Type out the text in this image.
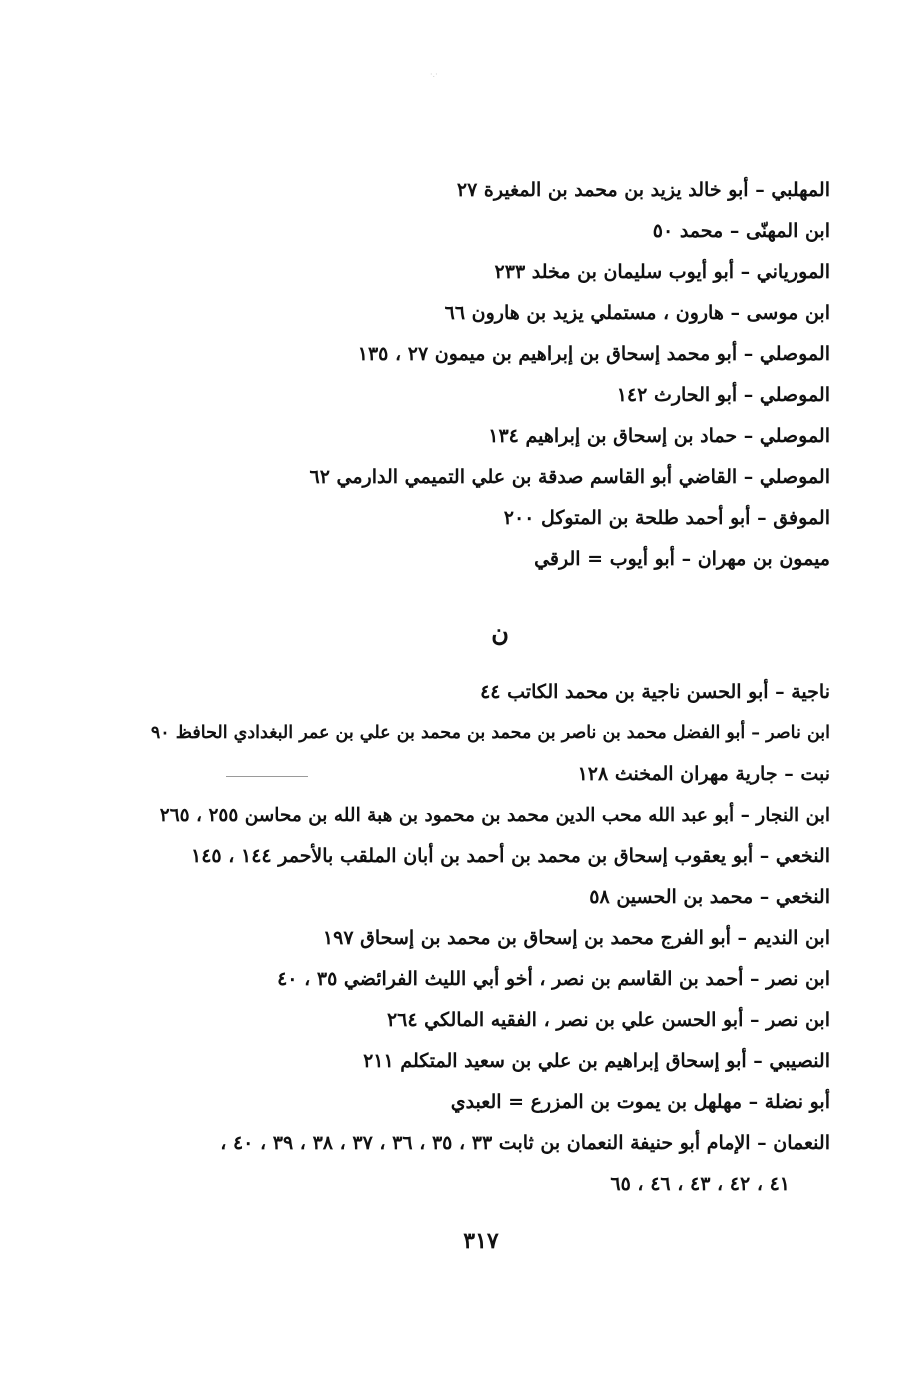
·.·
المهلبي – أبو خالد يزيد بن محمد بن المغيرة ٢٧
ابن المهنّى – محمد ٥٠
الموریاني – أبو أيوب سليمان بن مخلد ٢٣٣
ابن موسى – هارون ، مستملي يزيد بن هارون ٦٦
الموصلي – أبو محمد إسحاق بن إبراهيم بن ميمون ٢٧ ، ١٣٥
الموصلي – أبو الحارث ١٤٢
الموصلي – حماد بن إسحاق بن إبراهيم ١٣٤
الموصلي – القاضي أبو القاسم صدقة بن علي التميمي الدارمي ٦٢
الموفق – أبو أحمد طلحة بن المتوكل ٢٠٠
ميمون بن مهران – أبو أيوب = الرقي
ن
ناجية – أبو الحسن ناجية بن محمد الكاتب ٤٤
ابن ناصر – أبو الفضل محمد بن ناصر بن محمد بن محمد بن علي بن عمر البغدادي الحافظ ٩٠
نبت – جارية مهران المخنث ١٢٨
ابن النجار – أبو عبد الله محب الدين محمد بن محمود بن هبة الله بن محاسن ٢٥٥ ، ٢٦٥
النخعي – أبو يعقوب إسحاق بن محمد بن أحمد بن أبان الملقب بالأحمر ١٤٤ ، ١٤٥
النخعي – محمد بن الحسين ٥٨
ابن النديم – أبو الفرج محمد بن إسحاق بن محمد بن إسحاق ١٩٧
ابن نصر – أحمد بن القاسم بن نصر ، أخو أبي الليث الفرائضي ٣٥ ، ٤٠
ابن نصر – أبو الحسن علي بن نصر ، الفقيه المالكي ٢٦٤
النصيبي – أبو إسحاق إبراهيم بن علي بن سعيد المتكلم ٢١١
أبو نضلة – مهلهل بن يموت بن المزرع = العبدي
النعمان – الإمام أبو حنيفة النعمان بن ثابت ٣٣ ، ٣٥ ، ٣٦ ، ٣٧ ، ٣٨ ، ٣٩ ، ٤٠ ،
٤١ ، ٤٢ ، ٤٣ ، ٤٦ ، ٦٥
٣١٧
